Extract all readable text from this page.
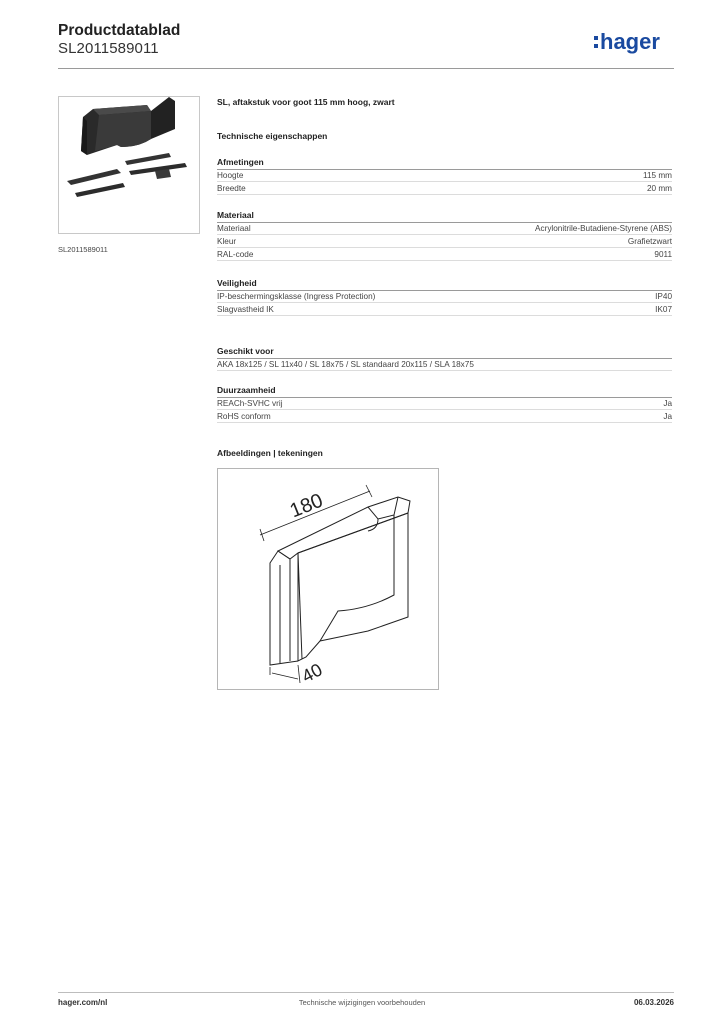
Productdatablad
SL2011589011	hager
SL2011589011
SL, aftakstuk voor goot 115 mm hoog, zwart
Technische eigenschappen
Afmetingen
Hoogte	115 mm
Breedte	20 mm
Materiaal
Materiaal	Acrylonitrile-Butadiene-Styrene (ABS)
Kleur	Grafietzwart
RAL-code	9011
Veiligheid
IP-beschermingsklasse (Ingress Protection)	IP40
Slagvastheid IK	IK07
Geschikt voor
AKA 18x125 / SL 11x40 / SL 18x75 / SL standaard 20x115 / SLA 18x75
Duurzaamheid
REACh-SVHC vrij	Ja
RoHS conform	Ja
Afbeeldingen | tekeningen
180
40
hager.com/nl	Technische wijzigingen voorbehouden	06.03.2026
